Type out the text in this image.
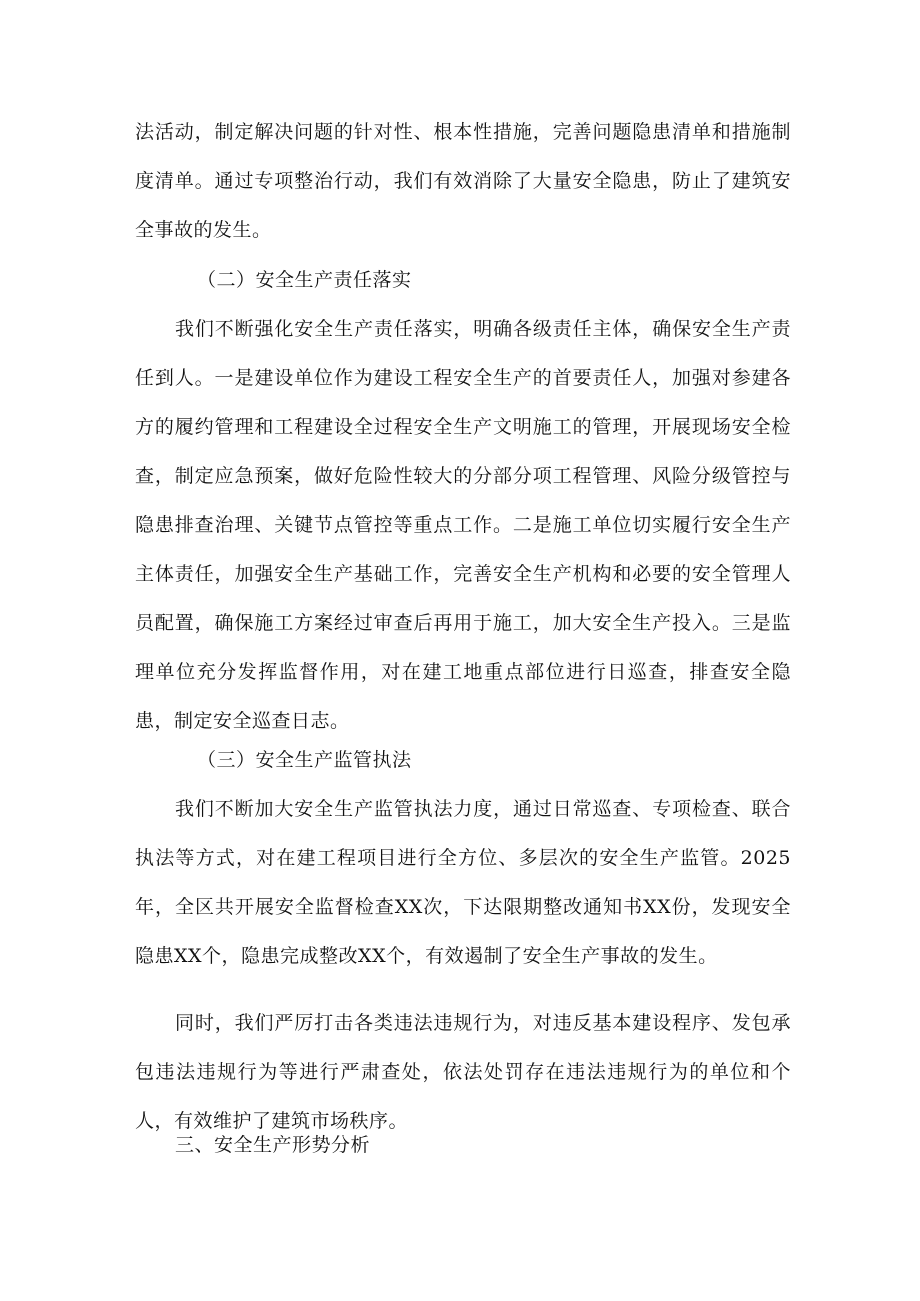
法活动，制定解决问题的针对性、根本性措施，完善问题隐患清单和措施制度清单。通过专项整治行动，我们有效消除了大量安全隐患，防止了建筑安全事故的发生。

（二）安全生产责任落实

我们不断强化安全生产责任落实，明确各级责任主体，确保安全生产责任到人。一是建设单位作为建设工程安全生产的首要责任人，加强对参建各方的履约管理和工程建设全过程安全生产文明施工的管理，开展现场安全检查，制定应急预案，做好危险性较大的分部分项工程管理、风险分级管控与隐患排查治理、关键节点管控等重点工作。二是施工单位切实履行安全生产主体责任，加强安全生产基础工作，完善安全生产机构和必要的安全管理人员配置，确保施工方案经过审查后再用于施工，加大安全生产投入。三是监理单位充分发挥监督作用，对在建工地重点部位进行日巡查，排查安全隐患，制定安全巡查日志。

（三）安全生产监管执法

我们不断加大安全生产监管执法力度，通过日常巡查、专项检查、联合执法等方式，对在建工程项目进行全方位、多层次的安全生产监管。2025年，全区共开展安全监督检查XX次，下达限期整改通知书XX份，发现安全隐患XX个，隐患完成整改XX个，有效遏制了安全生产事故的发生。

同时，我们严厉打击各类违法违规行为，对违反基本建设程序、发包承包违法违规行为等进行严肃查处，依法处罚存在违法违规行为的单位和个人，有效维护了建筑市场秩序。

三、安全生产形势分析
